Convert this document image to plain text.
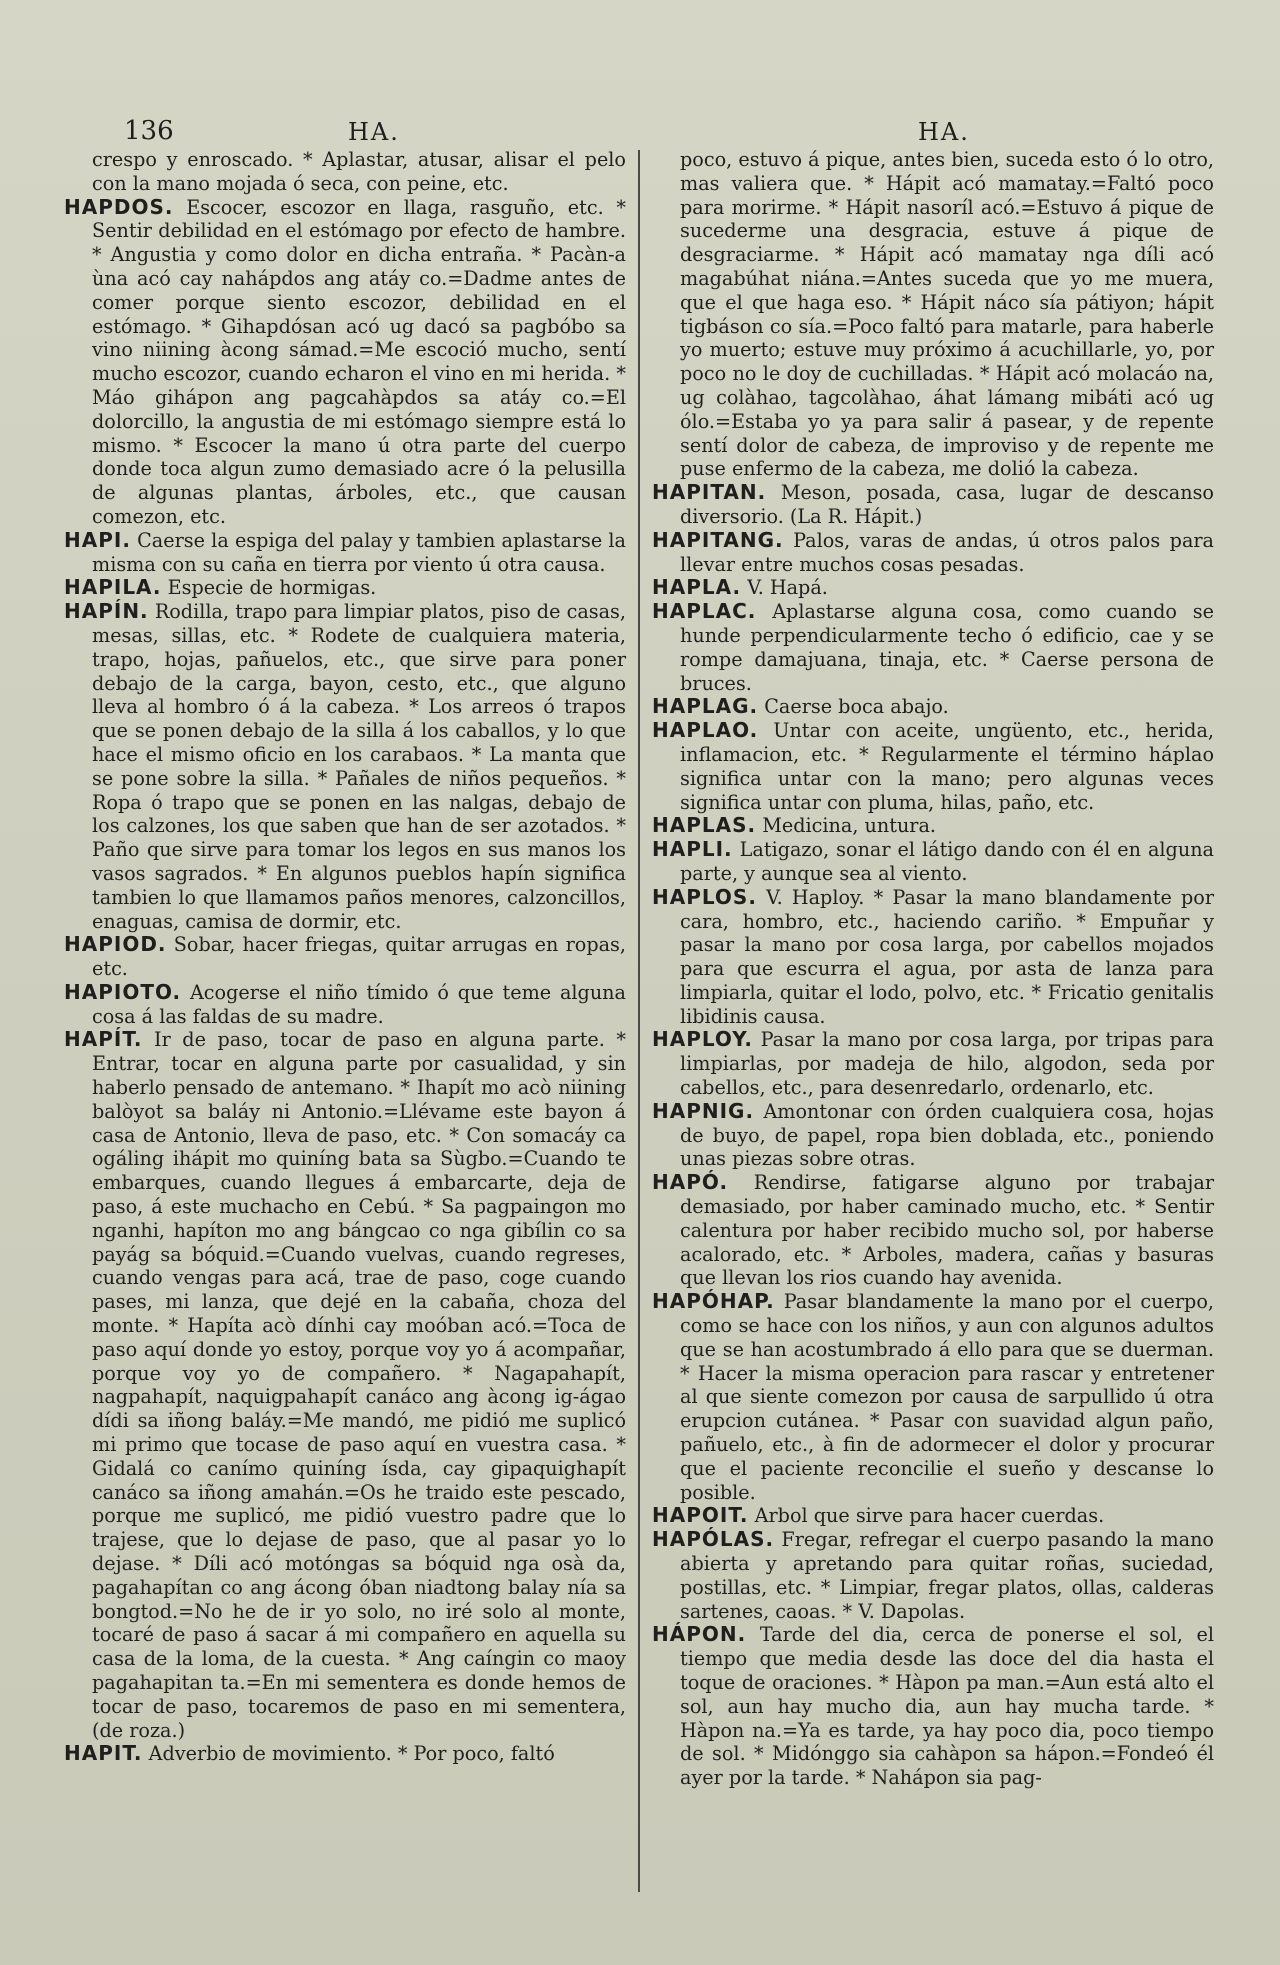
136	HA.	HA.

crespo y enroscado. * Aplastar, atusar, alisar el pelo con la mano mojada ó seca, con peine, etc.

HAPDOS. Escocer, escozor en llaga, rasguño, etc. * Sentir debilidad en el estómago por efecto de hambre. * Angustia y como dolor en dicha entraña. * Pacàn-a ùna acó cay nahápdos ang atáy co.=Dadme antes de comer porque siento escozor, debilidad en el estómago. * Gihapdósan acó ug dacó sa pagbóbo sa vino niining àcong sámad.=Me escoció mucho, sentí mucho escozor, cuando echaron el vino en mi herida. * Máo gihápon ang pagcahàpdos sa atáy co.=El dolorcillo, la angustia de mi estómago siempre está lo mismo. * Escocer la mano ú otra parte del cuerpo donde toca algun zumo demasiado acre ó la pelusilla de algunas plantas, árboles, etc., que causan comezon, etc.

HAPI. Caerse la espiga del palay y tambien aplastarse la misma con su caña en tierra por viento ú otra causa.

HAPILA. Especie de hormigas.

HAPÍN. Rodilla, trapo para limpiar platos, piso de casas, mesas, sillas, etc. * Rodete de cualquiera materia, trapo, hojas, pañuelos, etc., que sirve para poner debajo de la carga, bayon, cesto, etc., que alguno lleva al hombro ó á la cabeza. * Los arreos ó trapos que se ponen debajo de la silla á los caballos, y lo que hace el mismo oficio en los carabaos. * La manta que se pone sobre la silla. * Pañales de niños pequeños. * Ropa ó trapo que se ponen en las nalgas, debajo de los calzones, los que saben que han de ser azotados. * Paño que sirve para tomar los legos en sus manos los vasos sagrados. * En algunos pueblos hapín significa tambien lo que llamamos paños menores, calzoncillos, enaguas, camisa de dormir, etc.

HAPIOD. Sobar, hacer friegas, quitar arrugas en ropas, etc.

HAPIOTO. Acogerse el niño tímido ó que teme alguna cosa á las faldas de su madre.

HAPÍT. Ir de paso, tocar de paso en alguna parte. * Entrar, tocar en alguna parte por casualidad, y sin haberlo pensado de antemano. * Ihapít mo acò niining balòyot sa baláy ni Antonio.=Llévame este bayon á casa de Antonio, lleva de paso, etc. * Con somacáy ca ogáling ihápit mo quiníng bata sa Sùgbo.=Cuando te embarques, cuando llegues á embarcarte, deja de paso, á este muchacho en Cebú. * Sa pagpaingon mo nganhi, hapíton mo ang bángcao co nga gibílin co sa payág sa bóquid.=Cuando vuelvas, cuando regreses, cuando vengas para acá, trae de paso, coge cuando pases, mi lanza, que dejé en la cabaña, choza del monte. * Hapíta acò dínhi cay moóban acó.=Toca de paso aquí donde yo estoy, porque voy yo á acompañar, porque voy yo de compañero. * Nagapahapít, nagpahapít, naquigpahapít canáco ang àcong ig-ágao dídi sa iñong baláy.=Me mandó, me pidió me suplicó mi primo que tocase de paso aquí en vuestra casa. * Gidalá co canímo quiníng ísda, cay gipaquighapít canáco sa iñong amahán.=Os he traido este pescado, porque me suplicó, me pidió vuestro padre que lo trajese, que lo dejase de paso, que al pasar yo lo dejase. * Díli acó motóngas sa bóquid nga osà da, pagahapítan co ang ácong óban niadtong balay nía sa bongtod.=No he de ir yo solo, no iré solo al monte, tocaré de paso á sacar á mi compañero en aquella su casa de la loma, de la cuesta. * Ang caíngin co maoy pagahapitan ta.=En mi sementera es donde hemos de tocar de paso, tocaremos de paso en mi sementera, (de roza.)

HAPIT. Adverbio de movimiento. * Por poco, faltó

poco, estuvo á pique, antes bien, suceda esto ó lo otro, mas valiera que. * Hápit acó mamatay.=Faltó poco para morirme. * Hápit nasoríl acó.=Estuvo á pique de sucederme una desgracia, estuve á pique de desgraciarme. * Hápit acó mamatay nga díli acó magabúhat niána.=Antes suceda que yo me muera, que el que haga eso. * Hápit náco sía pátiyon; hápit tigbáson co sía.=Poco faltó para matarle, para haberle yo muerto; estuve muy próximo á acuchillarle, yo, por poco no le doy de cuchilladas. * Hápit acó molacáo na, ug colàhao, tagcolàhao, áhat lámang mibáti acó ug ólo.=Estaba yo ya para salir á pasear, y de repente sentí dolor de cabeza, de improviso y de repente me puse enfermo de la cabeza, me dolió la cabeza.

HAPITAN. Meson, posada, casa, lugar de descanso diversorio. (La R. Hápit.)

HAPITANG. Palos, varas de andas, ú otros palos para llevar entre muchos cosas pesadas.

HAPLA. V. Hapá.

HAPLAC. Aplastarse alguna cosa, como cuando se hunde perpendicularmente techo ó edificio, cae y se rompe damajuana, tinaja, etc. * Caerse persona de bruces.

HAPLAG. Caerse boca abajo.

HAPLAO. Untar con aceite, ungüento, etc., herida, inflamacion, etc. * Regularmente el término háplao significa untar con la mano; pero algunas veces significa untar con pluma, hilas, paño, etc.

HAPLAS. Medicina, untura.

HAPLI. Latigazo, sonar el látigo dando con él en alguna parte, y aunque sea al viento.

HAPLOS. V. Haploy. * Pasar la mano blandamente por cara, hombro, etc., haciendo cariño. * Empuñar y pasar la mano por cosa larga, por cabellos mojados para que escurra el agua, por asta de lanza para limpiarla, quitar el lodo, polvo, etc. * Fricatio genitalis libidinis causa.

HAPLOY. Pasar la mano por cosa larga, por tripas para limpiarlas, por madeja de hilo, algodon, seda por cabellos, etc., para desenredarlo, ordenarlo, etc.

HAPNIG. Amontonar con órden cualquiera cosa, hojas de buyo, de papel, ropa bien doblada, etc., poniendo unas piezas sobre otras.

HAPÓ. Rendirse, fatigarse alguno por trabajar demasiado, por haber caminado mucho, etc. * Sentir calentura por haber recibido mucho sol, por haberse acalorado, etc. * Arboles, madera, cañas y basuras que llevan los rios cuando hay avenida.

HAPÓHAP. Pasar blandamente la mano por el cuerpo, como se hace con los niños, y aun con algunos adultos que se han acostumbrado á ello para que se duerman. * Hacer la misma operacion para rascar y entretener al que siente comezon por causa de sarpullido ú otra erupcion cutánea. * Pasar con suavidad algun paño, pañuelo, etc., à fin de adormecer el dolor y procurar que el paciente reconcilie el sueño y descanse lo posible.

HAPOIT. Arbol que sirve para hacer cuerdas.

HAPÓLAS. Fregar, refregar el cuerpo pasando la mano abierta y apretando para quitar roñas, suciedad, postillas, etc. * Limpiar, fregar platos, ollas, calderas sartenes, caoas. * V. Dapolas.

HÁPON. Tarde del dia, cerca de ponerse el sol, el tiempo que media desde las doce del dia hasta el toque de oraciones. * Hàpon pa man.=Aun está alto el sol, aun hay mucho dia, aun hay mucha tarde. * Hàpon na.=Ya es tarde, ya hay poco dia, poco tiempo de sol. * Midónggo sia cahàpon sa hápon.=Fondeó él ayer por la tarde. * Nahápon sia pag-
